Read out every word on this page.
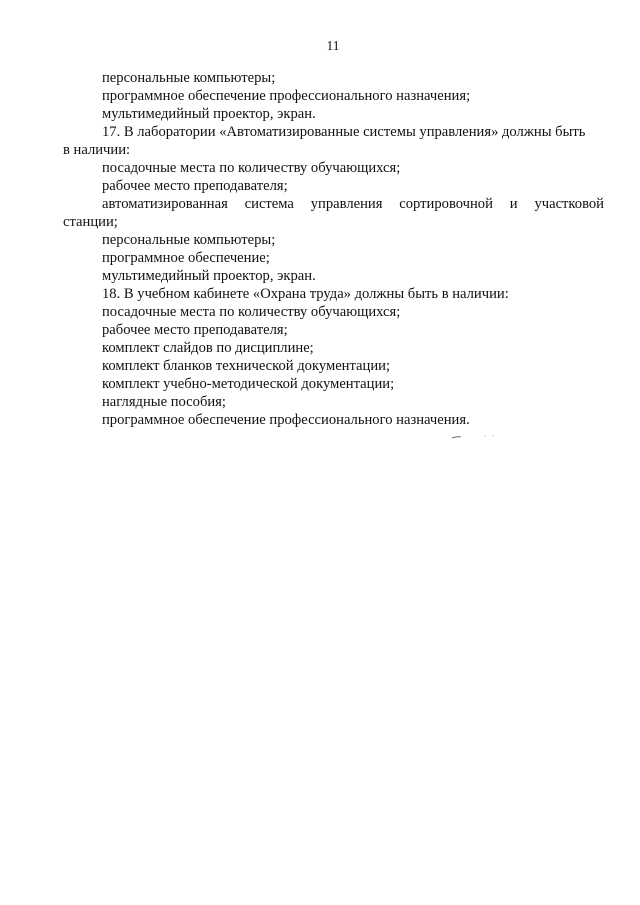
11
персональные компьютеры;
программное обеспечение профессионального назначения;
мультимедийный проектор, экран.
17. В лаборатории «Автоматизированные системы управления» должны быть
в наличии:
посадочные места по количеству обучающихся;
рабочее место преподавателя;
автоматизированная система управления сортировочной и участковой
станции;
персональные компьютеры;
программное обеспечение;
мультимедийный проектор, экран.
18. В учебном кабинете «Охрана труда» должны быть в наличии:
посадочные места по количеству обучающихся;
рабочее место преподавателя;
комплект слайдов по дисциплине;
комплект бланков технической документации;
комплект учебно-методической документации;
наглядные пособия;
программное обеспечение профессионального назначения.
